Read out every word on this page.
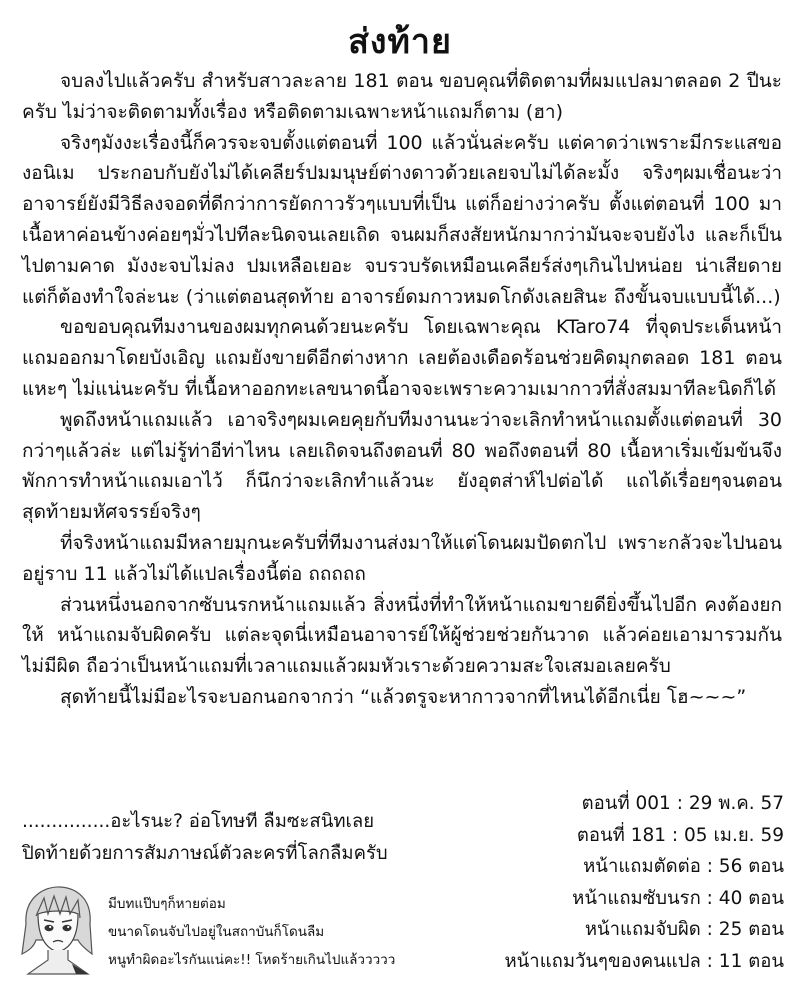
ส่งท้าย

จบลงไปแล้วครับ สำหรับสาวละลาย 181 ตอน ขอบคุณที่ติดตามที่ผมแปลมาตลอด 2 ปีนะครับ ไม่ว่าจะติดตามทั้งเรื่อง หรือติดตามเฉพาะหน้าแถมก็ตาม (ฮา)

จริงๆมังงะเรื่องนี้ก็ควรจะจบตั้งแต่ตอนที่ 100 แล้วนั่นล่ะครับ แต่คาดว่าเพราะมีกระแสของอนิเม ประกอบกับยังไม่ได้เคลียร์ปมมนุษย์ต่างดาวด้วยเลยจบไม่ได้ละมั้ง จริงๆผมเชื่อนะว่าอาจารย์ยังมีวิธีลงจอดที่ดีกว่าการยัดกาวรัวๆแบบที่เป็น แต่ก็อย่างว่าครับ ตั้งแต่ตอนที่ 100 มาเนื้อหาค่อนข้างค่อยๆมั่วไปทีละนิดจนเลยเถิด จนผมก็สงสัยหนักมากว่ามันจะจบยังไง และก็เป็นไปตามคาด มังงะจบไม่ลง ปมเหลือเยอะ จบรวบรัดเหมือนเคลียร์ส่งๆเกินไปหน่อย น่าเสียดายแต่ก็ต้องทำใจล่ะนะ (ว่าแต่ตอนสุดท้าย อาจารย์ดมกาวหมดโกดังเลยสินะ ถึงขั้นจบแบบนี้ได้...)

ขอขอบคุณทีมงานของผมทุกคนด้วยนะครับ โดยเฉพาะคุณ KTaro74 ที่จุดประเด็นหน้าแถมออกมาโดยบังเอิญ แถมยังขายดีอีกต่างหาก เลยต้องเดือดร้อนช่วยคิดมุกตลอด 181 ตอน แหะๆ ไม่แน่นะครับ ที่เนื้อหาออกทะเลขนาดนี้อาจจะเพราะความเมากาวที่สั่งสมมาทีละนิดก็ได้

พูดถึงหน้าแถมแล้ว เอาจริงๆผมเคยคุยกับทีมงานนะว่าจะเลิกทำหน้าแถมตั้งแต่ตอนที่ 30 กว่าๆแล้วล่ะ แต่ไม่รู้ท่าอีท่าไหน เลยเถิดจนถึงตอนที่ 80 พอถึงตอนที่ 80 เนื้อหาเริ่มเข้มข้นจึงพักการทำหน้าแถมเอาไว้ ก็นึกว่าจะเลิกทำแล้วนะ ยังอุตส่าห์ไปต่อได้ แถได้เรื่อยๆจนตอนสุดท้ายมหัศจรรย์จริงๆ

ที่จริงหน้าแถมมีหลายมุกนะครับที่ทีมงานส่งมาให้แต่โดนผมปัดตกไป เพราะกลัวจะไปนอนอยู่ราบ 11 แล้วไม่ได้แปลเรื่องนี้ต่อ ถถถถถ

ส่วนหนึ่งนอกจากซับนรกหน้าแถมแล้ว สิ่งหนึ่งที่ทำให้หน้าแถมขายดียิ่งขึ้นไปอีก คงต้องยกให้ หน้าแถมจับผิดครับ แต่ละจุดนี่เหมือนอาจารย์ให้ผู้ช่วยช่วยกันวาด แล้วค่อยเอามารวมกันไม่มีผิด ถือว่าเป็นหน้าแถมที่เวลาแถมแล้วผมหัวเราะด้วยความสะใจเสมอเลยครับ

สุดท้ายนี้ไม่มีอะไรจะบอกนอกจากว่า “แล้วตรูจะหากาวจากที่ไหนได้อีกเนี่ย โฮ~~~”

...............อะไรนะ? อ่อโทษที ลืมซะสนิทเลย
ปิดท้ายด้วยการสัมภาษณ์ตัวละครที่โลกลืมครับ
ตอนที่ 001 : 29 พ.ค. 57
ตอนที่ 181 : 05 เม.ย. 59
หน้าแถมตัดต่อ : 56 ตอน
หน้าแถมซับนรก : 40 ตอน
หน้าแถมจับผิด : 25 ตอน
หน้าแถมวันๆของคนแปล : 11 ตอน
มีบทแป๊บๆก็หายต่อม
ขนาดโดนจับไปอยู่ในสถาบันก็โดนลืม
หนูทำผิดอะไรกันแน่คะ!! โหดร้ายเกินไปแล้ววววว
